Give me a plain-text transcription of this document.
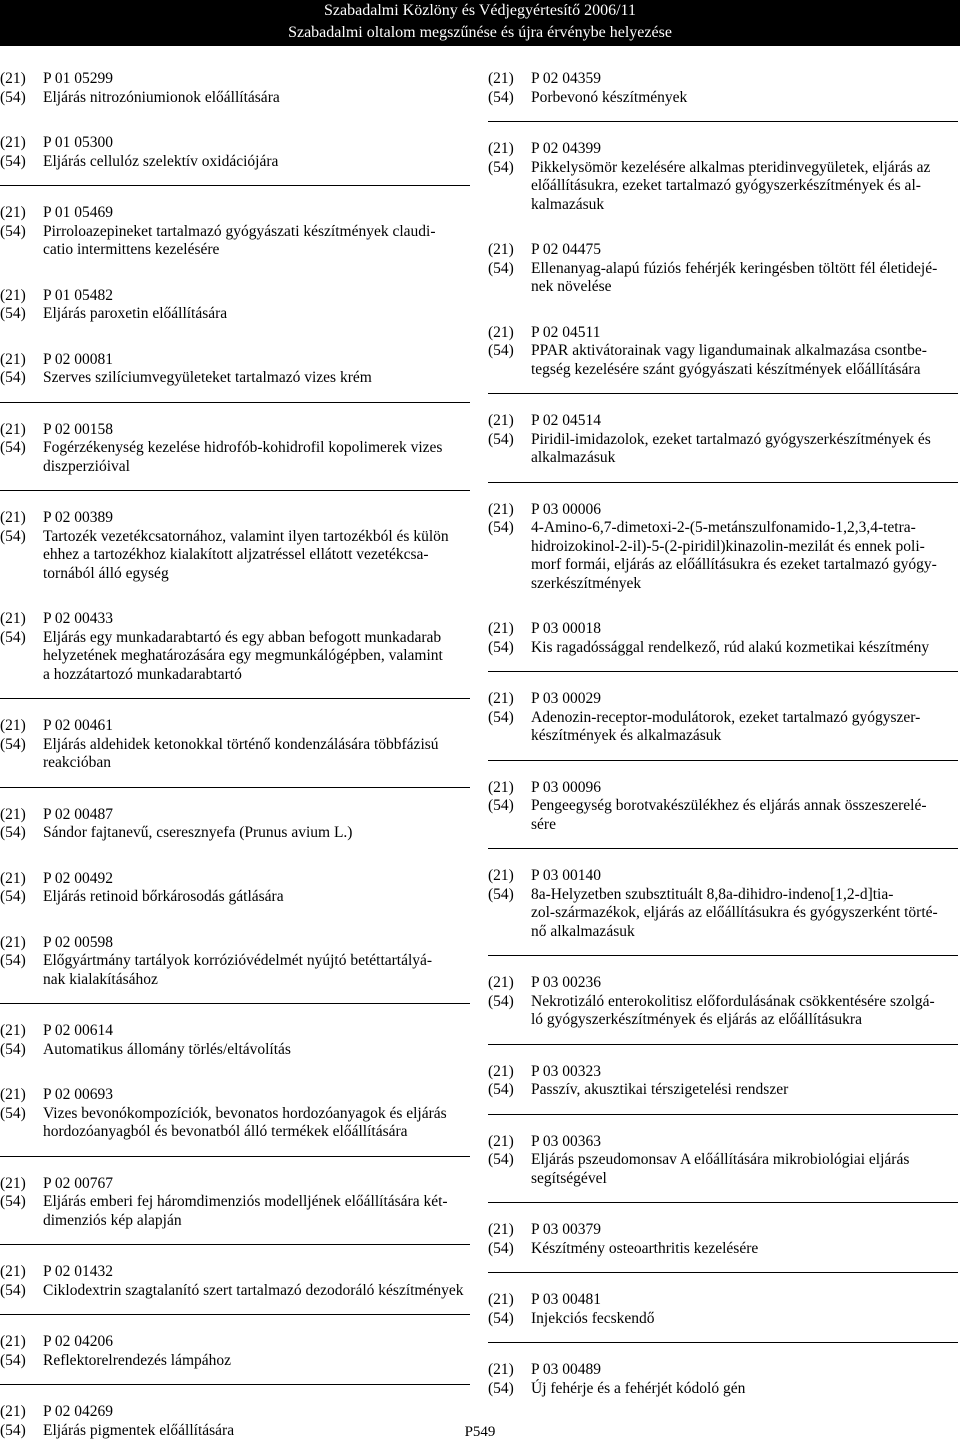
Szabadalmi Közlöny és Védjegyértesítő 2006/11
Szabadalmi oltalom megszűnése és újra érvénybe helyezése
(21)	P 01 05299
(54)	Eljárás nitrozóniumionok előállítására
(21)	P 01 05300
(54)	Eljárás cellulóz szelektív oxidációjára
(21)	P 01 05469
(54)	Pirroloazepineket tartalmazó gyógyászati készítmények claudi-
catio intermittens kezelésére
(21)	P 01 05482
(54)	Eljárás paroxetin előállítására
(21)	P 02 00081
(54)	Szerves szilíciumvegyületeket tartalmazó vizes krém
(21)	P 02 00158
(54)	Fogérzékenység kezelése hidrofób-kohidrofil kopolimerek vizes
diszperzióival
(21)	P 02 00389
(54)	Tartozék vezetékcsatornához, valamint ilyen tartozékból és külön
ehhez a tartozékhoz kialakított aljzatréssel ellátott vezetékcsa-
tornából álló egység
(21)	P 02 00433
(54)	Eljárás egy munkadarabtartó és egy abban befogott munkadarab
helyzetének meghatározására egy megmunkálógépben, valamint
a hozzátartozó munkadarabtartó
(21)	P 02 00461
(54)	Eljárás aldehidek ketonokkal történő kondenzálására többfázisú
reakcióban
(21)	P 02 00487
(54)	Sándor fajtanevű, cseresznyefa (Prunus avium L.)
(21)	P 02 00492
(54)	Eljárás retinoid bőrkárosodás gátlására
(21)	P 02 00598
(54)	Előgyártmány tartályok korrózióvédelmét nyújtó betéttartályá-
nak kialakításához
(21)	P 02 00614
(54)	Automatikus állomány törlés/eltávolítás
(21)	P 02 00693
(54)	Vizes bevonókompozíciók, bevonatos hordozóanyagok és eljárás
hordozóanyagból és bevonatból álló termékek előállítására
(21)	P 02 00767
(54)	Eljárás emberi fej háromdimenziós modelljének előállítására két-
dimenziós kép alapján
(21)	P 02 01432
(54)	Ciklodextrin szagtalanító szert tartalmazó dezodoráló készítmények
(21)	P 02 04206
(54)	Reflektorelrendezés lámpához
(21)	P 02 04269
(54)	Eljárás pigmentek előállítására
(21)	P 02 04359
(54)	Porbevonó készítmények
(21)	P 02 04399
(54)	Pikkelysömör kezelésére alkalmas pteridinvegyületek, eljárás az
előállításukra, ezeket tartalmazó gyógyszerkészítmények és al-
kalmazásuk
(21)	P 02 04475
(54)	Ellenanyag-alapú fúziós fehérjék keringésben töltött fél életidejé-
nek növelése
(21)	P 02 04511
(54)	PPAR aktivátorainak vagy ligandumainak alkalmazása csontbe-
tegség kezelésére szánt gyógyászati készítmények előállítására
(21)	P 02 04514
(54)	Piridil-imidazolok, ezeket tartalmazó gyógyszerkészítmények és
alkalmazásuk
(21)	P 03 00006
(54)	4-Amino-6,7-dimetoxi-2-(5-metánszulfonamido-1,2,3,4-tetra-
hidroizokinol-2-il)-5-(2-piridil)kinazolin-mezilát és ennek poli-
morf formái, eljárás az előállításukra és ezeket tartalmazó gyógy-
szerkészítmények
(21)	P 03 00018
(54)	Kis ragadóssággal rendelkező, rúd alakú kozmetikai készítmény
(21)	P 03 00029
(54)	Adenozin-receptor-modulátorok, ezeket tartalmazó gyógyszer-
készítmények és alkalmazásuk
(21)	P 03 00096
(54)	Pengeegység borotvakészülékhez és eljárás annak összeszerelé-
sére
(21)	P 03 00140
(54)	8a-Helyzetben szubsztituált 8,8a-dihidro-indeno[1,2-d]tia-
zol-származékok, eljárás az előállításukra és gyógyszerként törté-
nő alkalmazásuk
(21)	P 03 00236
(54)	Nekrotizáló enterokolitisz előfordulásának csökkentésére szolgá-
ló gyógyszerkészítmények és eljárás az előállításukra
(21)	P 03 00323
(54)	Passzív, akusztikai térszigetelési rendszer
(21)	P 03 00363
(54)	Eljárás pszeudomonsav A előállítására mikrobiológiai eljárás
segítségével
(21)	P 03 00379
(54)	Készítmény osteoarthritis kezelésére
(21)	P 03 00481
(54)	Injekciós fecskendő
(21)	P 03 00489
(54)	Új fehérje és a fehérjét kódoló gén
P549
